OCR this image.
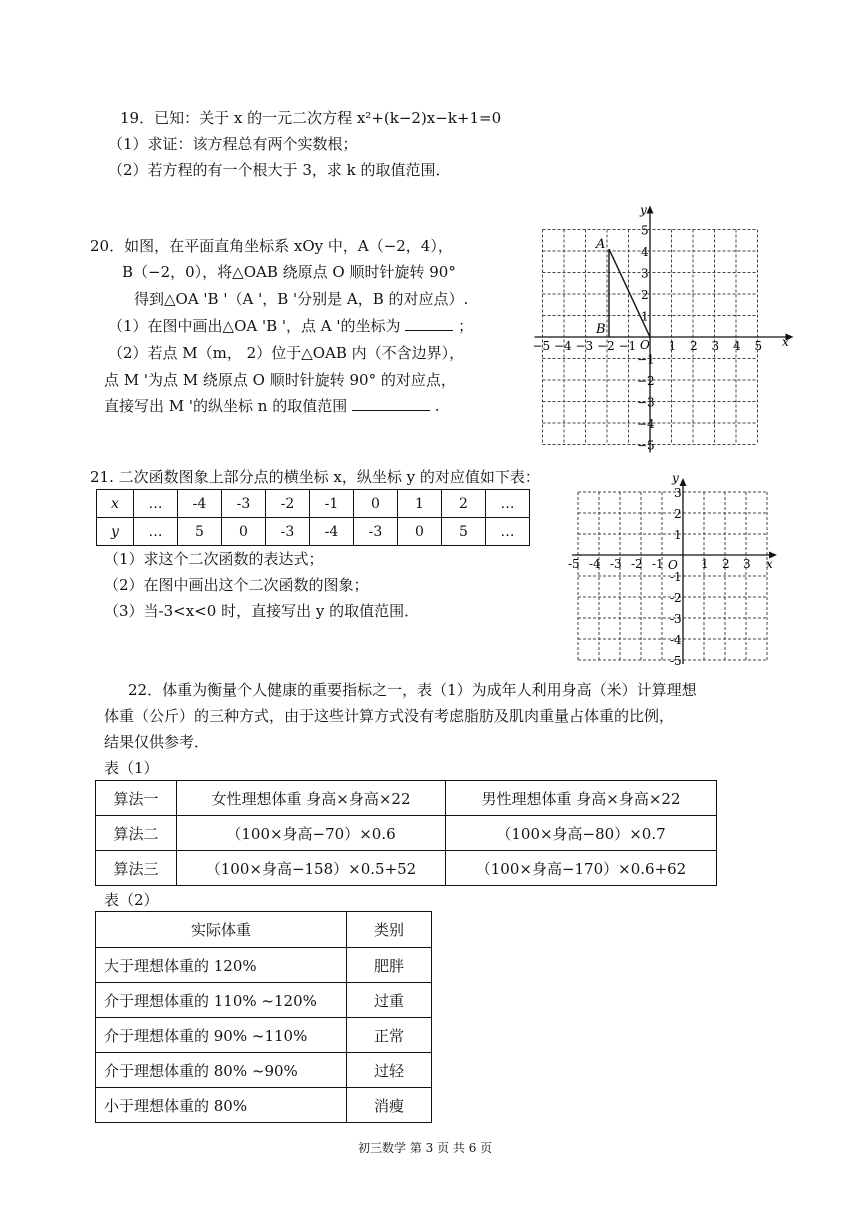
19．已知：关于 x 的一元二次方程 x²+(k−2)x−k+1=0
（1）求证：该方程总有两个实数根；
（2）若方程的有一个根大于 3，求 k 的取值范围．
20．如图，在平面直角坐标系 xOy 中，A（−2，4），
B（−2，0），将△OAB 绕原点 O 顺时针旋转 90°
得到△OA 'B '（A '，B '分别是 A，B 的对应点）.
（1）在图中画出△OA 'B '，点 A '的坐标为	；
（2）若点 M（m， 2）位于△OAB 内（不含边界），
点 M '为点 M 绕原点 O 顺时针旋转 90° 的对应点，
直接写出 M '的纵坐标 n 的取值范围	.
−5 −4 −3 −2 −1	1 2 3 4 5
5
4
3
2
1
−1
−2
−3
−4
−5
A
B
O	x
y
21. 二次函数图象上部分点的横坐标 x，纵坐标 y 的对应值如下表：
x	…	-4	-3	-2	-1	0	1	2	…
y	…	5	0	-3	-4	-3	0	5	…
（1）求这个二次函数的表达式；
（2）在图中画出这个二次函数的图象；
（3）当-3<x<0 时，直接写出 y 的取值范围．
-5 -4 -3 -2 -1	1 2 3
3
2
1
-1
-2
-3
-4
-5
O	x
y
22．体重为衡量个人健康的重要指标之一，表（1）为成年人利用身高（米）计算理想
体重（公斤）的三种方式，由于这些计算方式没有考虑脂肪及肌肉重量占体重的比例，
结果仅供参考．
表（1）
算法一	女性理想体重 身高×身高×22	男性理想体重 身高×身高×22
算法二	（100×身高−70）×0.6	（100×身高−80）×0.7
算法三	（100×身高−158）×0.5+52	（100×身高−170）×0.6+62
表（2）
实际体重	类别
大于理想体重的 120%	肥胖
介于理想体重的 110% ~120%	过重
介于理想体重的 90% ~110%	正常
介于理想体重的 80% ~90%	过轻
小于理想体重的 80%	消瘦
初三数学 第 3 页 共 6 页
